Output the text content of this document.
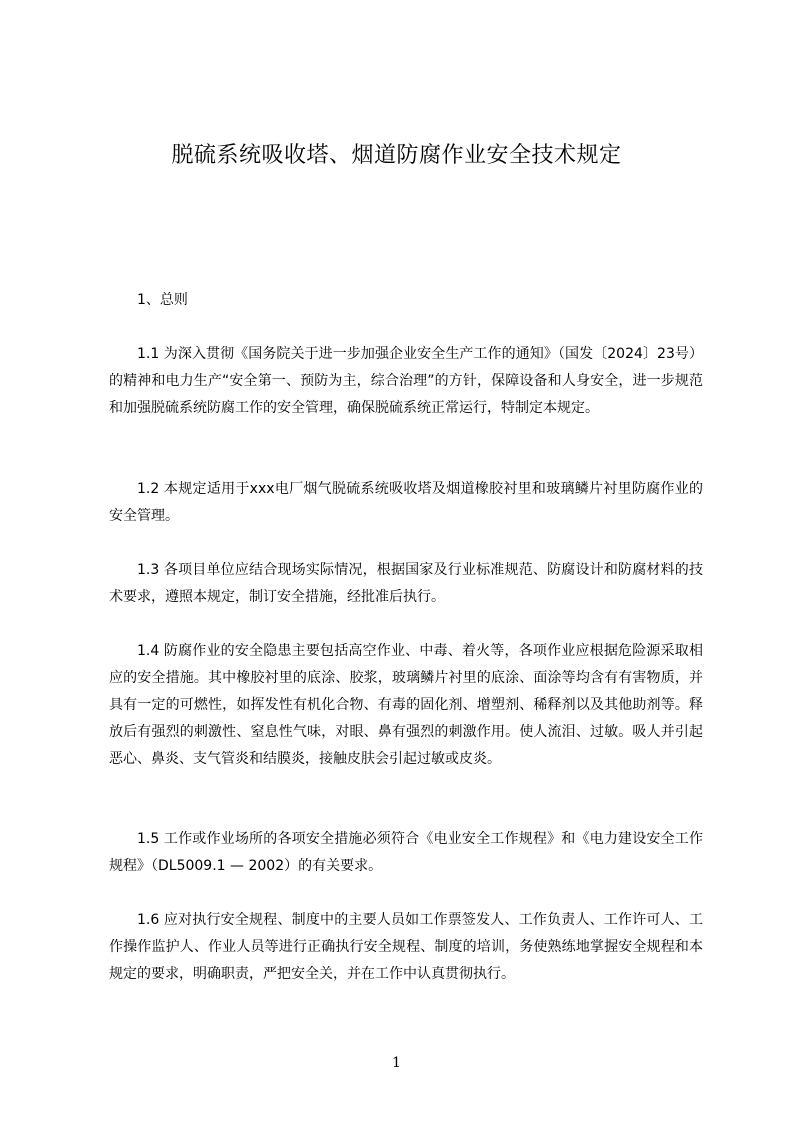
脱硫系统吸收塔、烟道防腐作业安全技术规定
1、总则

1.1 为深入贯彻《国务院关于进一步加强企业安全生产工作的通知》（国发〔2024〕23号）的精神和电力生产“安全第一、预防为主，综合治理”的方针，保障设备和人身安全，进一步规范和加强脱硫系统防腐工作的安全管理，确保脱硫系统正常运行，特制定本规定。

1.2 本规定适用于xxx电厂烟气脱硫系统吸收塔及烟道橡胶衬里和玻璃鳞片衬里防腐作业的安全管理。

1.3 各项目单位应结合现场实际情况，根据国家及行业标准规范、防腐设计和防腐材料的技术要求，遵照本规定，制订安全措施，经批准后执行。

1.4 防腐作业的安全隐患主要包括高空作业、中毒、着火等，各项作业应根据危险源采取相应的安全措施。其中橡胶衬里的底涂、胶浆，玻璃鳞片衬里的底涂、面涂等均含有有害物质，并具有一定的可燃性，如挥发性有机化合物、有毒的固化剂、增塑剂、稀释剂以及其他助剂等。释放后有强烈的刺激性、窒息性气味，对眼、鼻有强烈的刺激作用。使人流泪、过敏。吸人并引起恶心、鼻炎、支气管炎和结膜炎，接触皮肤会引起过敏或皮炎。

1.5 工作或作业场所的各项安全措施必须符合《电业安全工作规程》和《电力建设安全工作规程》（DL5009.1 — 2002）的有关要求。

1.6 应对执行安全规程、制度中的主要人员如工作票签发人、工作负责人、工作许可人、工作操作监护人、作业人员等进行正确执行安全规程、制度的培训，务使熟练地掌握安全规程和本规定的要求，明确职责，严把安全关，并在工作中认真贯彻执行。

1
